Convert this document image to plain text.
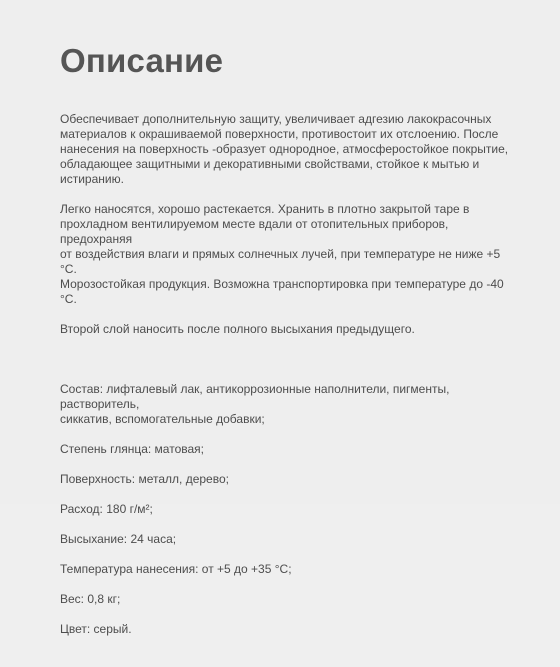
Описание

Обеспечивает дополнительную защиту, увеличивает адгезию лакокрасочных
материалов к окрашиваемой поверхности, противостоит их отслоению. После
нанесения на поверхность -образует однородное, атмосферостойкое покрытие,
обладающее защитными и декоративными свойствами, стойкое к мытью и
истиранию.

Легко наносятся, хорошо растекается. Хранить в плотно закрытой таре в
прохладном вентилируемом месте вдали от отопительных приборов, предохраняя
от воздействия влаги и прямых солнечных лучей, при температуре не ниже +5 °С.
Морозостойкая продукция. Возможна транспортировка при температуре до -40 °С.

Второй слой наносить после полного высыхания предыдущего.

Состав: лифталевый лак, антикоррозионные наполнители, пигменты, растворитель,
сиккатив, вспомогательные добавки;

Степень глянца: матовая;

Поверхность: металл, дерево;

Расход: 180 г/м²;

Высыхание: 24 часа;

Температура нанесения: от +5 до +35 °С;

Вес: 0,8 кг;

Цвет: серый.
